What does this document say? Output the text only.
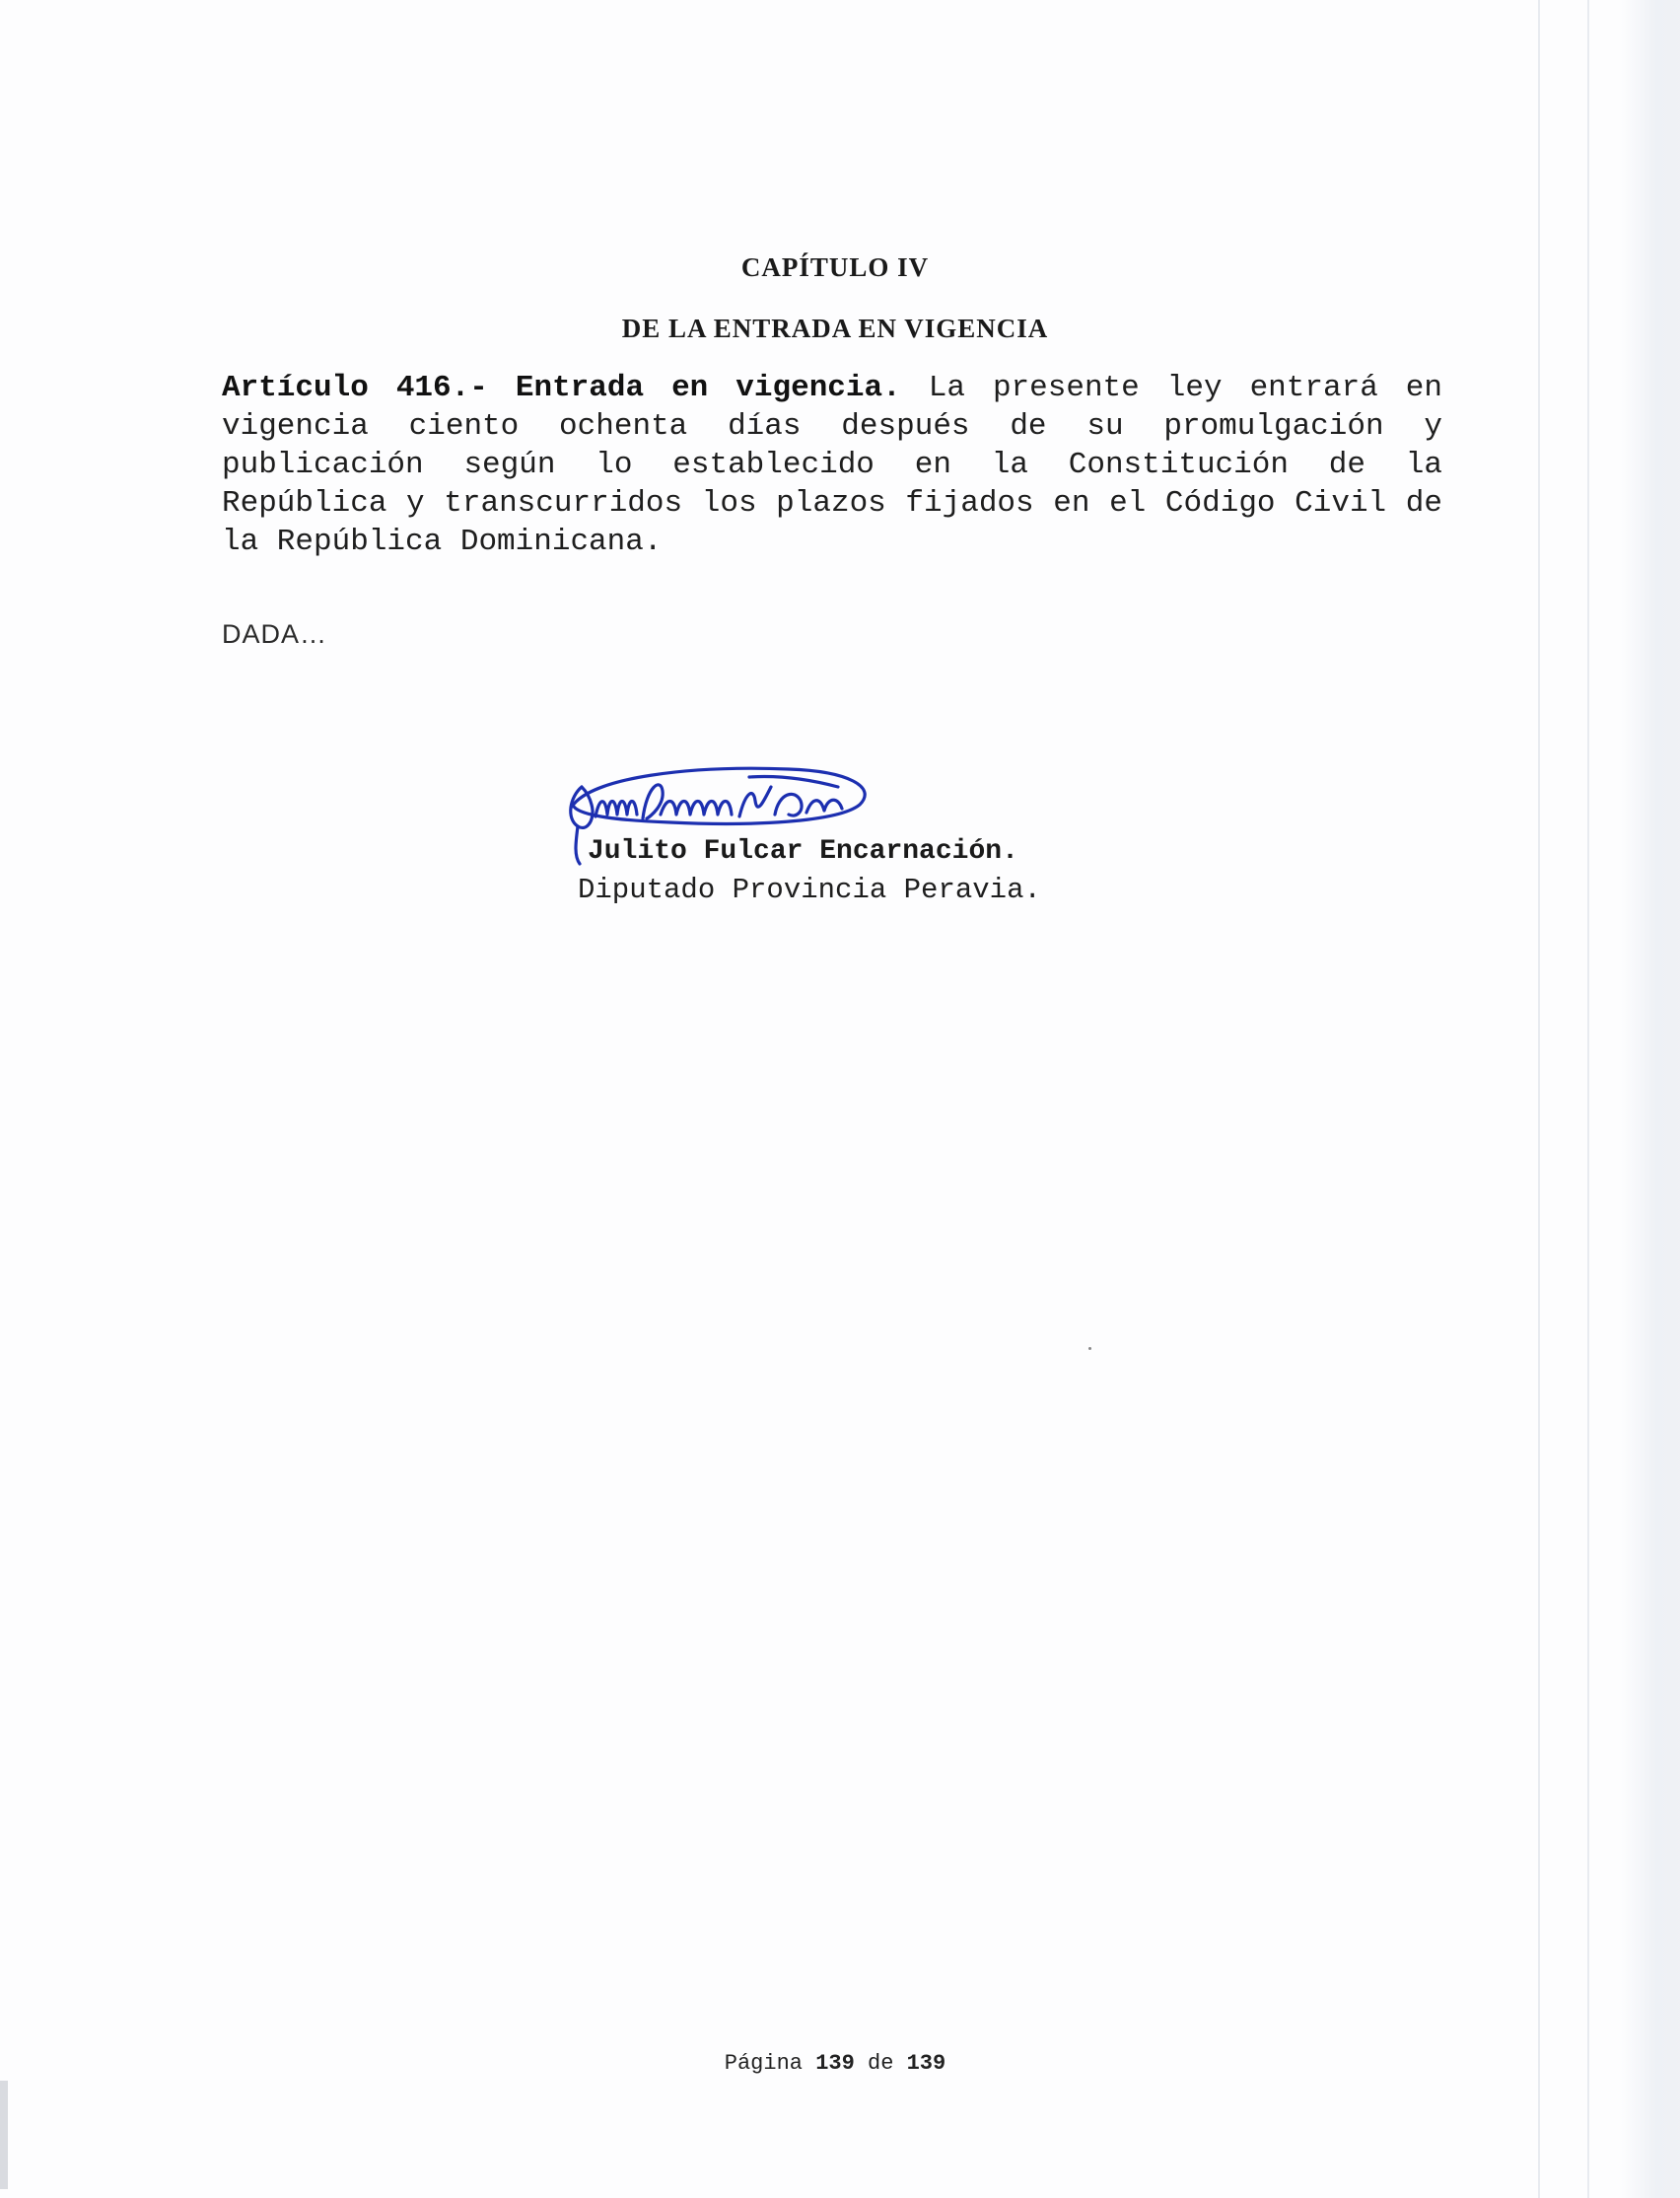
CAPÍTULO IV
DE LA ENTRADA EN VIGENCIA
Artículo 416.- Entrada en vigencia. La presente ley entrará en vigencia ciento ochenta días después de su promulgación y publicación según lo establecido en la Constitución de la República y transcurridos los plazos fijados en el Código Civil de la República Dominicana.
DADA…
Julito Fulcar Encarnación.
Diputado Provincia Peravia.
Página 139 de 139
